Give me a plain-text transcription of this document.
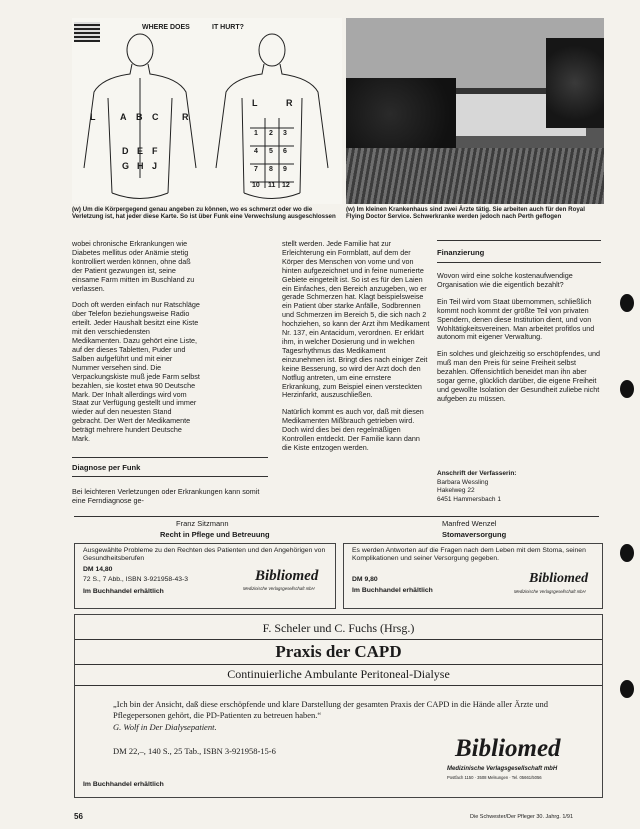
WHERE DOES	IT HURT?
L	A B C	R
D E F
G H J
L	R
1 2 3
4 5 6
7 8 9
10 11 12
(w) Um die Körpergegend genau angeben zu können, wo es schmerzt oder wo die Verletzung ist, hat jeder diese Karte. So ist über Funk eine Verwechslung ausgeschlossen
(w) Im kleinen Krankenhaus sind zwei Ärzte tätig. Sie arbeiten auch für den Royal Flying Doctor Service. Schwerkranke werden jedoch nach Perth geflogen

wobei chronische Erkrankungen wie Diabetes mellitus oder Anämie stetig kontrolliert werden können, ohne daß der Patient gezwungen ist, seine einsame Farm mitten im Buschland zu verlassen.

Doch oft werden einfach nur Ratschläge über Telefon beziehungsweise Radio erteilt. Jeder Haushalt besitzt eine Kiste mit den verschiedensten Medikamenten. Dazu gehört eine Liste, auf der dieses Tabletten, Puder und Salben aufgeführt und mit einer Nummer versehen sind. Die Verpackungskiste muß jede Farm selbst bezahlen, sie kostet etwa 90 Deutsche Mark. Der Inhalt allerdings wird vom Staat zur Verfügung gestellt und immer wieder auf den neuesten Stand gebracht. Der Wert der Medikamente beträgt mehrere hundert Deutsche Mark.

Diagnose per Funk
Bei leichteren Verletzungen oder Erkrankungen kann somit eine Ferndiagnose ge-

stellt werden. Jede Familie hat zur Erleichterung ein Formblatt, auf dem der Körper des Menschen von vorne und von hinten aufgezeichnet und in feine numerierte Gebiete eingeteilt ist. So ist es für den Laien ein Einfaches, den Bereich anzugeben, wo er gerade Schmerzen hat. Klagt beispielsweise ein Patient über starke Anfälle, Sodbrennen und Schmerzen im Bereich 5, die sich nach 2 hochziehen, so kann der Arzt ihm Medikament Nr. 137, ein Antacidum, verordnen. Er erklärt ihm, in welcher Dosierung und in welchen Tagesrhythmus das Medikament einzunehmen ist. Bringt dies nach einiger Zeit keine Besserung, so wird der Arzt doch den Notflug antreten, um eine ernstere Erkrankung, zum Beispiel einen versteckten Herzinfarkt, auszuschließen.

Natürlich kommt es auch vor, daß mit diesen Medikamenten Mißbrauch getrieben wird. Doch wird dies bei den regelmäßigen Kontrollen entdeckt. Der Familie kann dann die Kiste entzogen werden.

Finanzierung

Wovon wird eine solche kostenaufwendige Organisation wie die eigentlich bezahlt?

Ein Teil wird vom Staat übernommen, schließlich kommt noch kommt der größte Teil von privaten Spendern, denen diese Institution dient, und von Wohltätigkeitsvereinen. Man arbeitet profitlos und autonom mit eigener Verwaltung.

Ein solches und gleichzeitig so erschöpfendes, und muß man den Preis für seine Freiheit selbst bezahlen. Offensichtlich beneidet man ihn aber sogar gerne, glücklich darüber, die eigene Freiheit und gewollte Isolation der Gesundheit zuliebe nicht aufgeben zu müssen.

Anschrift der Verfasserin:
Barbara Wessling
Hakelweg 22
6451 Hammersbach 1
Franz Sitzmann
Recht in Pflege und Betreuung
Manfred Wenzel
Stomaversorgung
Ausgewählte Probleme zu den Rechten des Patienten und den Angehörigen von Gesundheitsberufen
DM 14,80
72 S., 7 Abb., ISBN 3-921958-43-3
Im Buchhandel erhältlich
Bibliomed
Medizinische Verlagsgesellschaft mbH
Es werden Antworten auf die Fragen nach dem Leben mit dem Stoma, seinen Komplikationen und seiner Versorgung gegeben.
DM 9,80
Im Buchhandel erhältlich
Bibliomed
Medizinische Verlagsgesellschaft mbH
F. Scheler und C. Fuchs (Hrsg.)
Praxis der CAPD
Continuierliche Ambulante Peritoneal-Dialyse
„Ich bin der Ansicht, daß diese erschöpfende und klare Darstellung der gesamten Praxis der CAPD in die Hände aller Ärzte und Pflegepersonen gehört, die PD-Patienten zu betreuen haben.“
G. Wolf in Der Dialysepatient.
DM 22,–, 140 S., 25 Tab., ISBN 3-921958-15-6	Bibliomed
Medizinische Verlagsgesellschaft mbH
Postfach 1150 · 3508 Melsungen · Tel. 05661/5056
Im Buchhandel erhältlich
56	Die Schwester/Der Pfleger 30. Jahrg. 1/91
